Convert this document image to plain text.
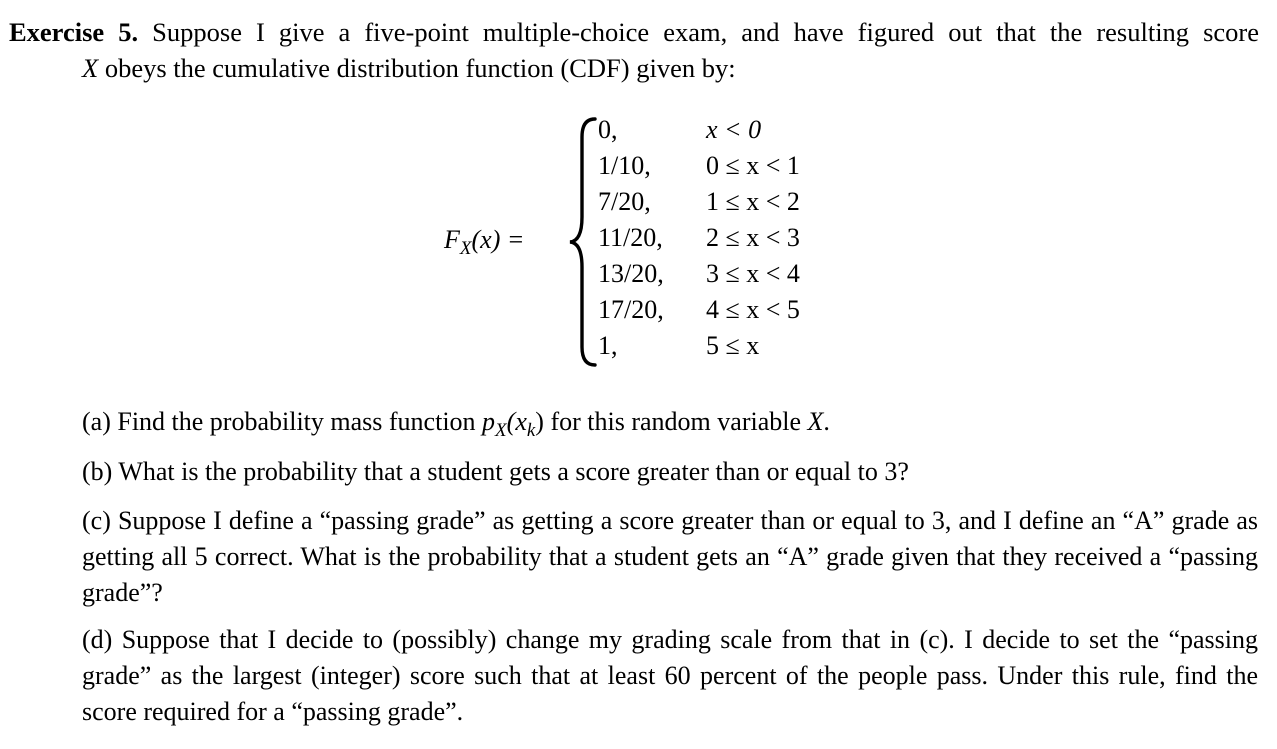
Exercise 5. Suppose I give a five-point multiple-choice exam, and have figured out that the resulting score
X obeys the cumulative distribution function (CDF) given by:
$F_X(x)$ =
0,	x < 0
1/10,	0 ≤ x < 1
7/20,	1 ≤ x < 2
11/20,	2 ≤ x < 3
13/20,	3 ≤ x < 4
17/20,	4 ≤ x < 5
1,	5 ≤ x
(a) Find the probability mass function $p_X(x_k)$ for this random variable X.
(b) What is the probability that a student gets a score greater than or equal to 3?
(c) Suppose I define a “passing grade” as getting a score greater than or equal to 3, and I define an “A” grade as getting all 5 correct. What is the probability that a student gets an “A” grade given that they received a “passing grade”?
(d) Suppose that I decide to (possibly) change my grading scale from that in (c). I decide to set the “passing grade” as the largest (integer) score such that at least 60 percent of the people pass. Under this rule, find the score required for a “passing grade”.
